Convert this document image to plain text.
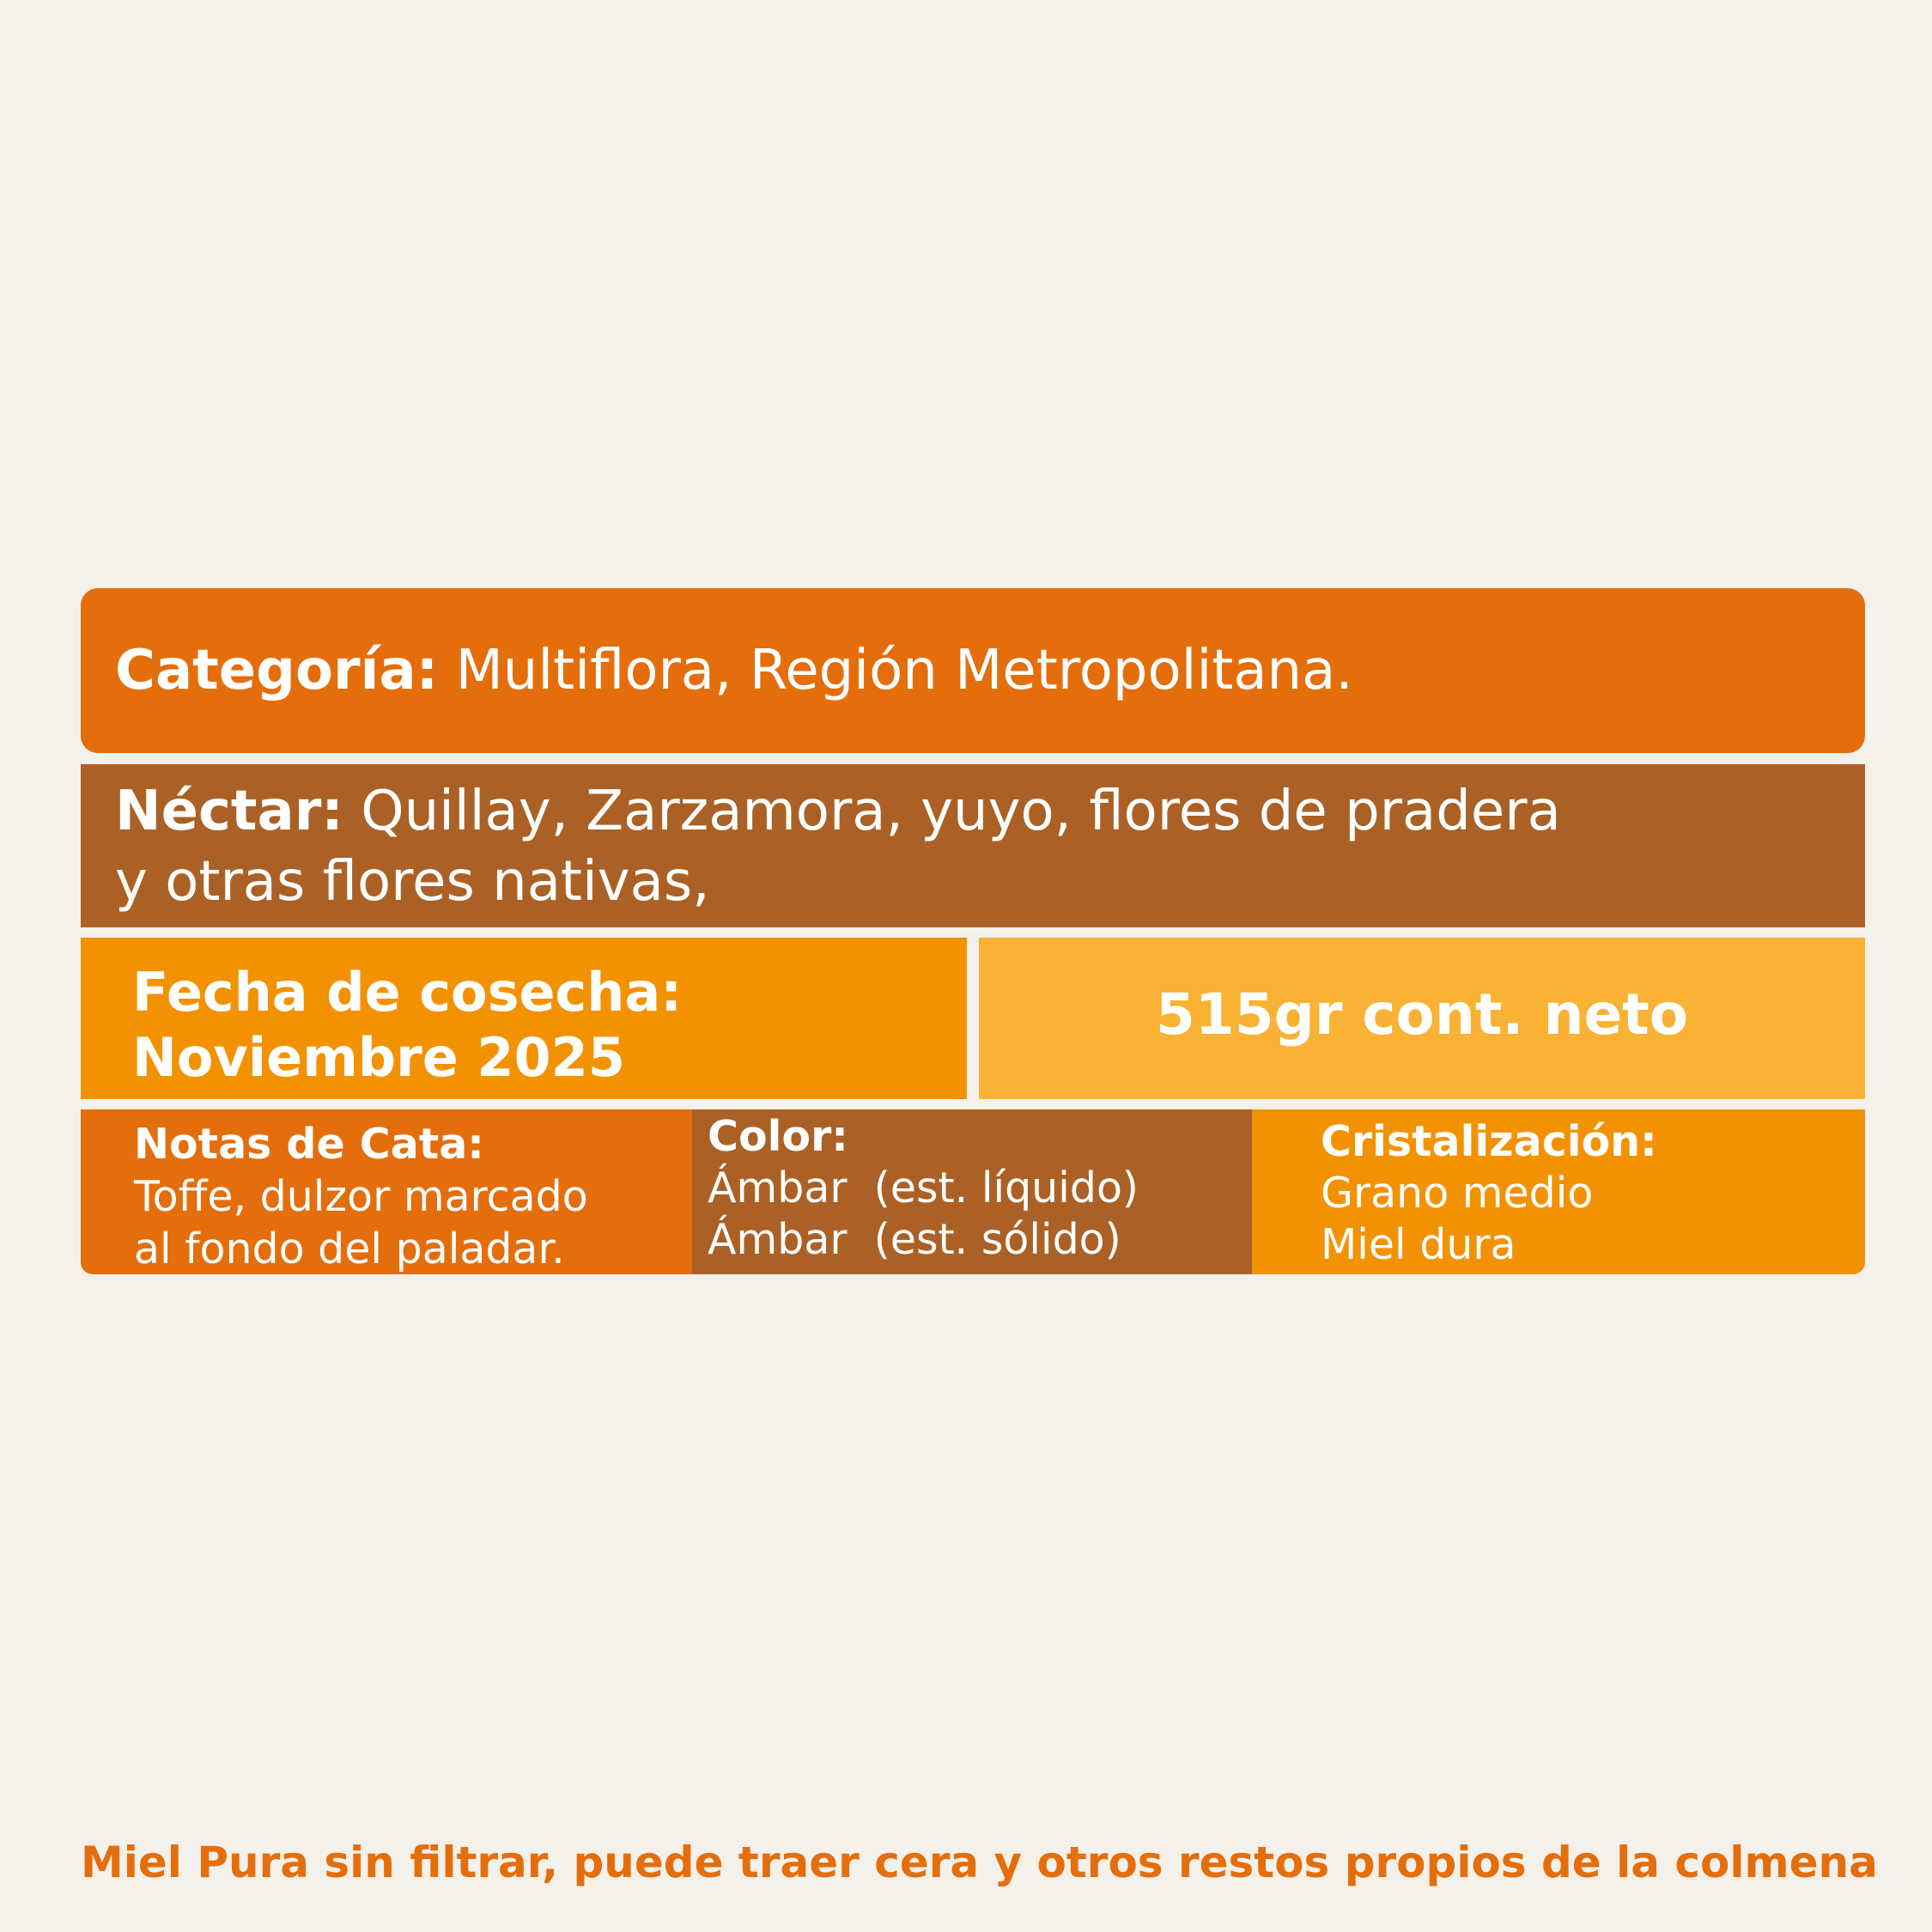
Categoría: Multiflora, Región Metropolitana.
Néctar: Quillay, Zarzamora, yuyo, flores de pradera
y otras flores nativas,
Fecha de cosecha:
Noviembre 2025
515gr cont. neto
Notas de Cata:
Toffe, dulzor marcado
al fondo del paladar.
Color:
Ámbar  (est. líquido)
Ámbar  (est. sólido)
Cristalización:
Grano medio
Miel dura
Miel Pura sin filtrar, puede traer cera y otros restos propios de la colmena
